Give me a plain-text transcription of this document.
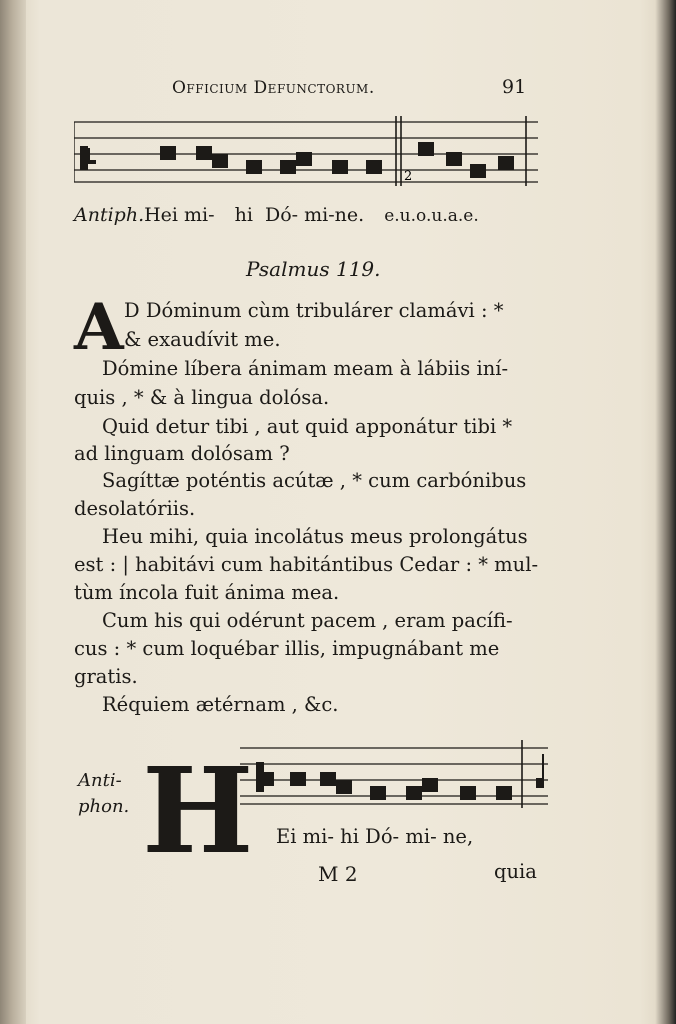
Officium Defunctorum.	91
2
Antiph.Hei mi- hi Dó- mi-ne. e.u.o.u.a.e.
Psalmus 119.
A D Dóminum cùm tribulárer clamávi : *
& exaudívit me.
Dómine líbera ánimam meam à lábiis iní-
quis , * & à lingua dolósa.
Quid detur tibi , aut quid apponátur tibi *
ad linguam dolósam ?
Sagíttæ poténtis acútæ , * cum carbónibus
desolatóriis.
Heu mihi, quia incolátus meus prolongátus
est : | habitávi cum habitántibus Cedar : * mul-
tùm íncola fuit ánima mea.
Cum his qui odérunt pacem , eram pacífi-
cus : * cum loquébar illis, impugnábant me
gratis.
Réquiem ætérnam , &c.
Anti-
phon. H Ei mi- hi Dó- mi- ne,
M 2	quia
